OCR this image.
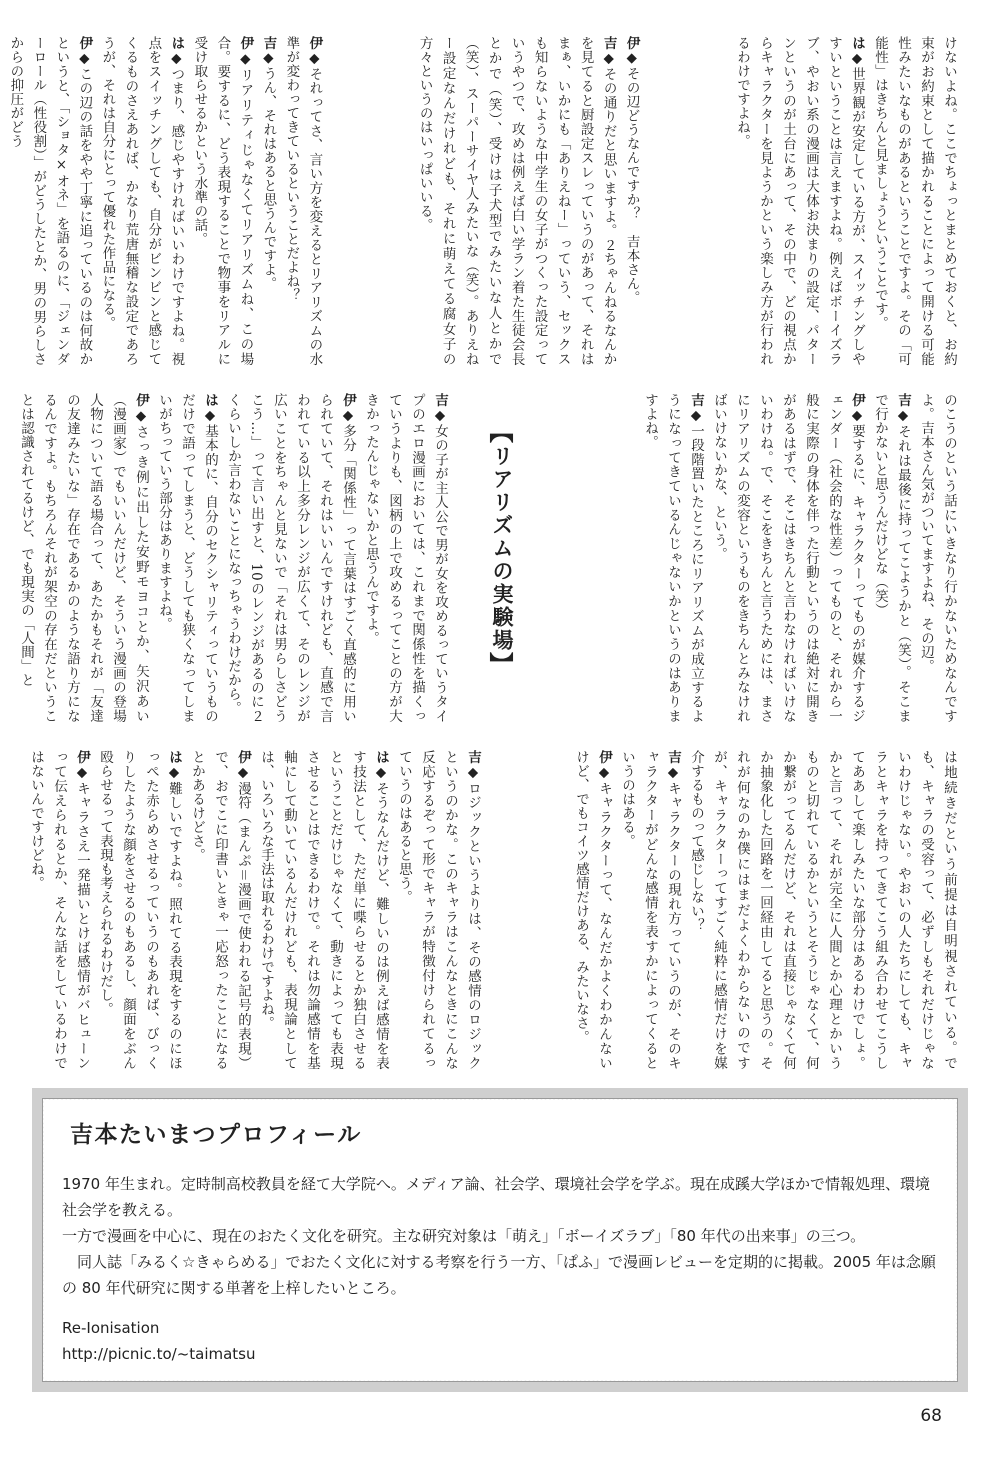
けないよね。ここでちょっとまとめておくと、お約束がお約束として描かれることによって開ける可能性みたいなものがあるということですよ。その「可能性」はきちんと見ましょうということです。
は◆世界観が安定している方が、スイッチングしやすいということは言えますよね。例えばボーイズラブ、やおい系の漫画は大体お決まりの設定、パターンというのが土台にあって、その中で、どの視点からキャラクターを見ようかという楽しみ方が行われるわけですよね。
伊◆その辺どうなんですか？　吉本さん。
吉◆その通りだと思いますよ。２ちゃんねるなんかを見てると厨設定スレっていうのがあって、それはまぁ、いかにも「ありえねー」っていう、セックスも知らないような中学生の女子がつくった設定っていうやつで、攻めは例えば白い学ラン着た生徒会長とかで（笑）、受けは子犬型でみたいな人とかで（笑）、スーパーサイヤ人みたいな（笑）。ありえねー設定なんだけれども、それに萌えてる腐女子の方々というのはいっぱいいる。
伊◆それってさ、言い方を変えるとリアリズムの水準が変わってきているということだよね？
吉◆うん、それはあると思うんですよ。
伊◆リアリティじゃなくてリアリズムね、この場合。要するに、どう表現することで物事をリアルに受け取らせるかという水準の話。
は◆つまり、感じやすければいいわけですよね。視点をスイッチングしても、自分がビンビンと感じてくるものさえあれば、かなり荒唐無稽な設定であろうが、それは自分にとって優れた作品になる。
伊◆この辺の話をやや丁寧に追っているのは何故かというと、「ショタ×オネ」を語るのに、「ジェンダーロール（性役割）」がどうしたとか、男の男らしさからの抑圧がどう
のこうのという話にいきなり行かないためなんですよ。吉本さん気がついてますよね、その辺。
吉◆それは最後に持ってこようかと（笑）。そこまで行かないと思うんだけどな（笑）
伊◆要するに、キャラクターってものが媒介するジェンダー（社会的な性差）ってものと、それから一般に実際の身体を伴った行動というのは絶対に開きがあるはずで、そこはきちんと言わなければいけないわけね。で、そこをきちんと言うためには、まさにリアリズムの変容というものをきちんとみなければいけないかな、という。
吉◆一段階置いたところにリアリズムが成立するようになってきているんじゃないかというのはありますよね。
【
リアリズムの実験場
】
吉◆女の子が主人公で男が女を攻めるっていうタイプのエロ漫画においては、これまで関係性を描くっていうよりも、図柄の上で攻めるってことの方が大きかったんじゃないかと思うんですよ。
伊◆多分「関係性」って言葉はすごく直感的に用いられていて、それはいいんですけれども、直感で言われている以上多分レンジが広くて、そのレンジが広いことをちゃんと見ないで「それは男らしさどうこう…」って言い出すと、10のレンジがあるのに２くらいしか言わないことになっちゃうわけだから。
は◆基本的に、自分のセクシャリティっていうものだけで語ってしまうと、どうしても狭くなってしまいがちっていう部分はありますよね。
伊◆さっき例に出した安野モヨコとか、矢沢あい（漫画家）でもいいんだけど、そういう漫画の登場人物について語る場合って、あたかもそれが「友達の友達みたいな」存在であるかのような語り方になるんですよ。もちろんそれが架空の存在だということは認識されてるけど、でも現実の「人間」と
は地続きだという前提は自明視されている。でも、キャラの受容って、必ずしもそれだけじゃないわけじゃない。やおいの人たちにしても、キャラとキャラを持ってきてこう組み合わせてこうしてああして楽しみたいな部分はあるわけでしょ。かと言って、それが完全に人間とか心理とかいうものと切れているかというとそうじゃなくて、何か繋がってるんだけど、それは直接じゃなくて何か抽象化した回路を一回経由してると思うの。それが何なのか僕にはまだよくわからないのですが、キャラクターってすごく純粋に感情だけを媒介するものって感じしない？
吉◆キャラクターの現れ方っていうのが、そのキャラクターがどんな感情を表すかによってくるというのはある。
伊◆キャラクターって、なんだかよくわかんないけど、でもコイツ感情だけある、みたいなさ。
吉◆ロジックというよりは、その感情のロジックというのかな。このキャラはこんなときにこんな反応するぞって形でキャラが特徴付けられてるっていうのはあると思う。
は◆そうなんだけど、難しいのは例えば感情を表す技法として、ただ単に喋らせるとか独白させるということだけじゃなくて、動きによっても表現させることはできるわけで。それは勿論感情を基軸にして動いているんだけれども、表現論としては、いろいろな手法は取れるわけですよね。
伊◆漫符（まんぷ＝漫画で使われる記号的表現）で、おでこに印書いときゃ一応怒ったことになるとかあるけどさ。
は◆難しいですよね。照れてる表現をするのにほっぺた赤らめさせるっていうのもあれば、びっくりしたような顔をさせるのもあるし、顔面をぶん殴らせるって表現も考えられるわけだし。
伊◆キャラさえ一発描いとけば感情がバヒューンって伝えられるとか、そんな話をしているわけではないんですけどね。
吉本たいまつプロフィール

1970 年生まれ。定時制高校教員を経て大学院へ。メディア論、社会学、環境社会学を学ぶ。現在成蹊大学ほかで情報処理、環境社会学を教える。

一方で漫画を中心に、現在のおたく文化を研究。主な研究対象は「萌え」「ボーイズラブ」「80 年代の出来事」の三つ。

同人誌「みるく☆きゃらめる」でおたく文化に対する考察を行う一方、「ぱふ」で漫画レビューを定期的に掲載。2005 年は念願の 80 年代研究に関する単著を上梓したいところ。

Re-Ionisation
http://picnic.to/~taimatsu
68
